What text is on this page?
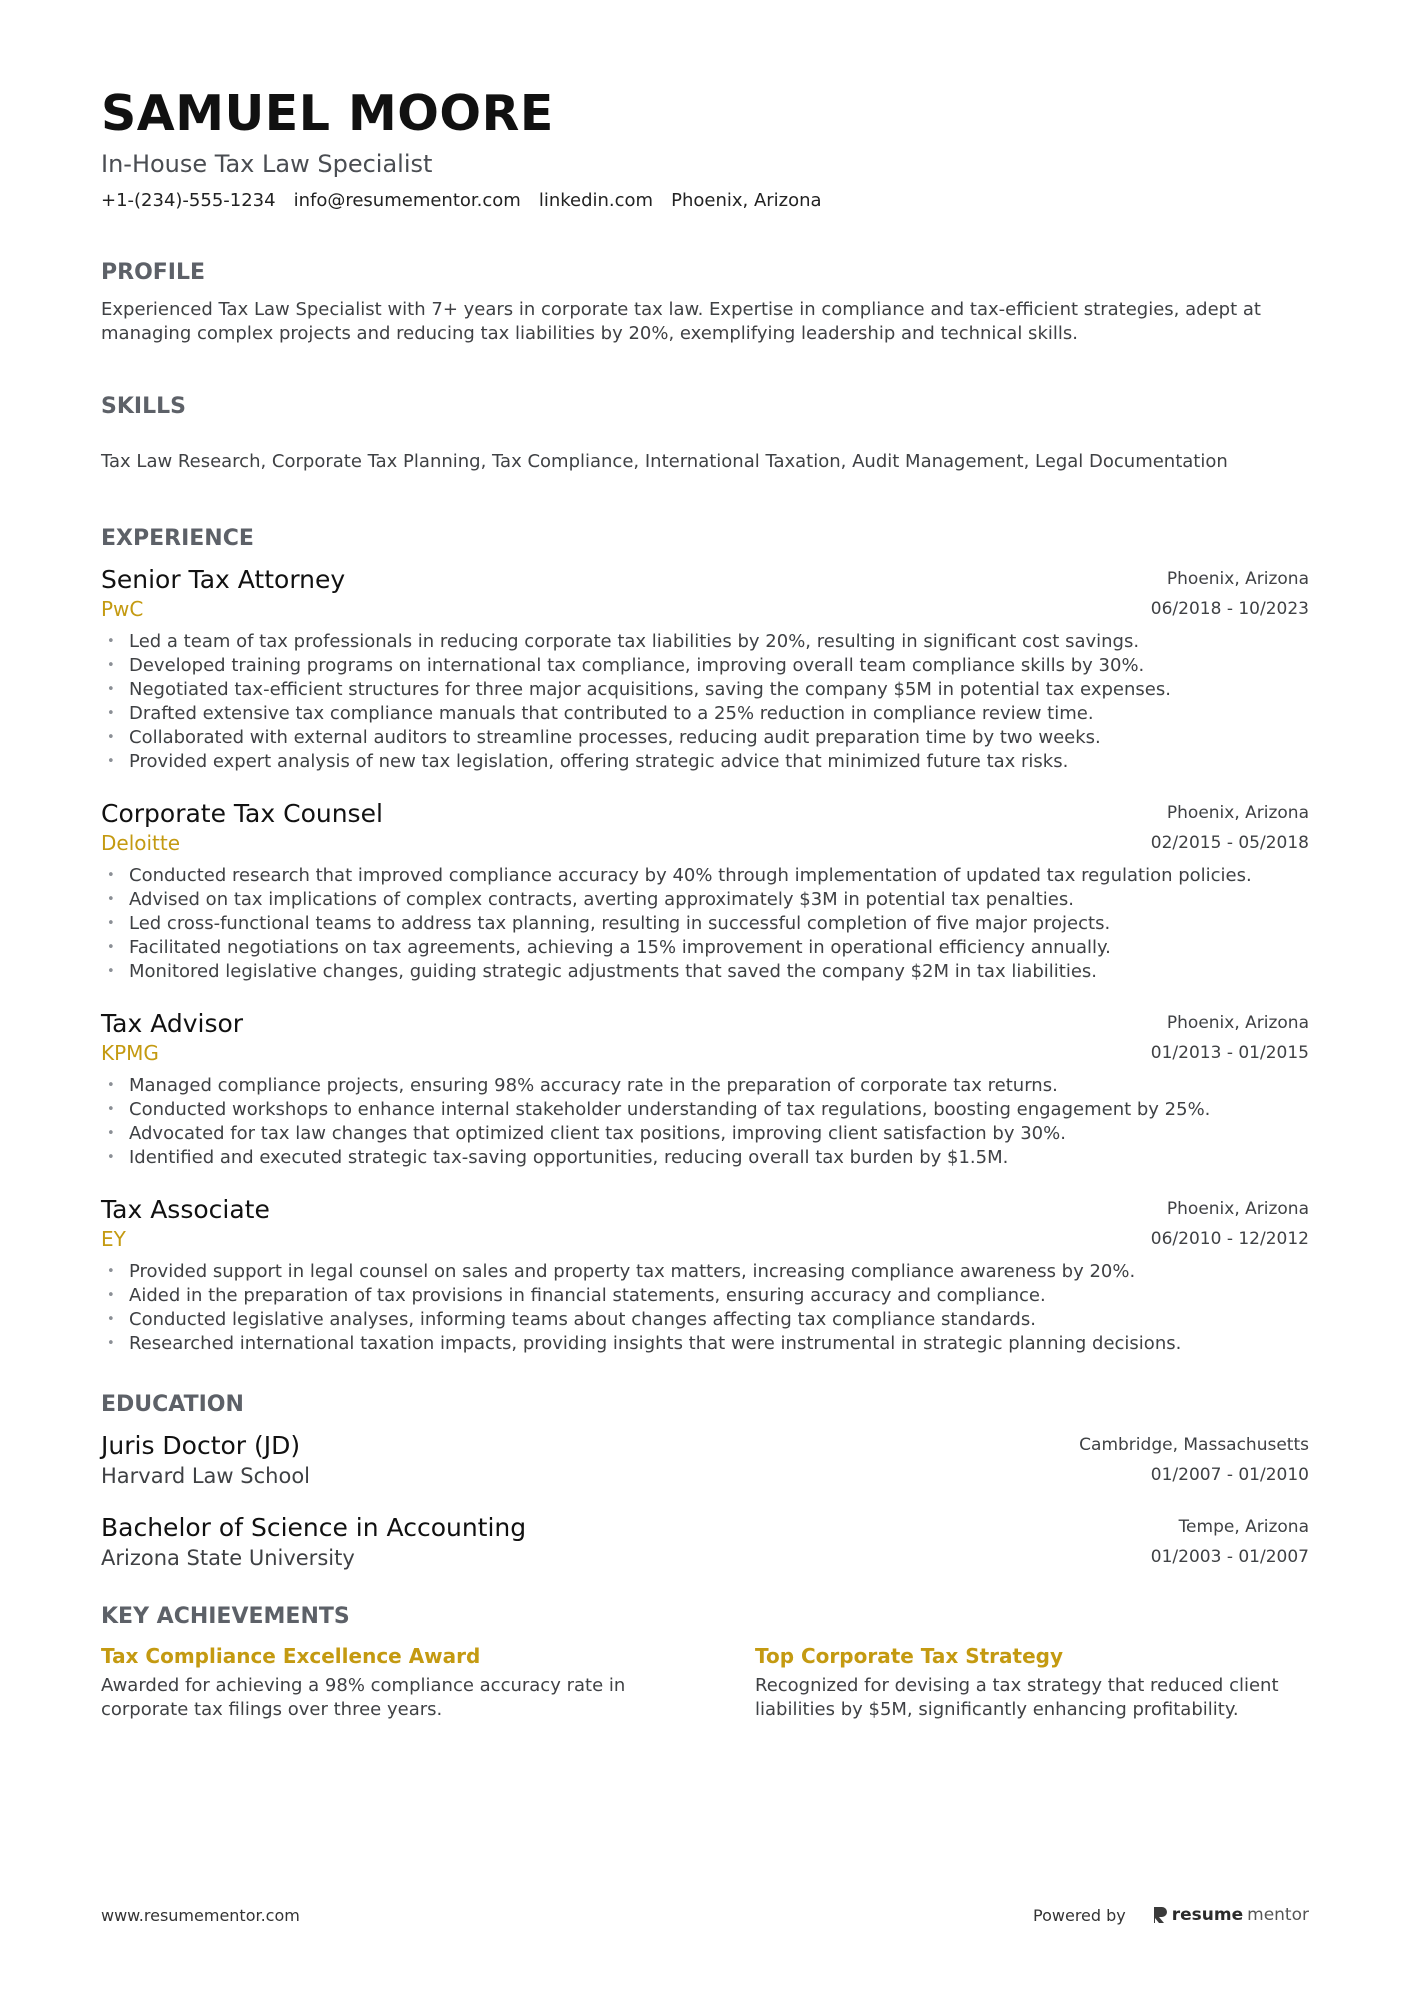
SAMUEL MOORE
In-House Tax Law Specialist
+1-(234)-555-1234 info@resumementor.com linkedin.com Phoenix, Arizona
PROFILE

Experienced Tax Law Specialist with 7+ years in corporate tax law. Expertise in compliance and tax-efficient strategies, adept at managing complex projects and reducing tax liabilities by 20%, exemplifying leadership and technical skills.

SKILLS

Tax Law Research, Corporate Tax Planning, Tax Compliance, International Taxation, Audit Management, Legal Documentation

EXPERIENCE
Senior Tax Attorney
PwC
Phoenix, Arizona
06/2018 - 10/2023
• Led a team of tax professionals in reducing corporate tax liabilities by 20%, resulting in significant cost savings.
• Developed training programs on international tax compliance, improving overall team compliance skills by 30%.
• Negotiated tax-efficient structures for three major acquisitions, saving the company $5M in potential tax expenses.
• Drafted extensive tax compliance manuals that contributed to a 25% reduction in compliance review time.
• Collaborated with external auditors to streamline processes, reducing audit preparation time by two weeks.
• Provided expert analysis of new tax legislation, offering strategic advice that minimized future tax risks.
Corporate Tax Counsel
Deloitte
Phoenix, Arizona
02/2015 - 05/2018
• Conducted research that improved compliance accuracy by 40% through implementation of updated tax regulation policies.
• Advised on tax implications of complex contracts, averting approximately $3M in potential tax penalties.
• Led cross-functional teams to address tax planning, resulting in successful completion of five major projects.
• Facilitated negotiations on tax agreements, achieving a 15% improvement in operational efficiency annually.
• Monitored legislative changes, guiding strategic adjustments that saved the company $2M in tax liabilities.
Tax Advisor
KPMG
Phoenix, Arizona
01/2013 - 01/2015
• Managed compliance projects, ensuring 98% accuracy rate in the preparation of corporate tax returns.
• Conducted workshops to enhance internal stakeholder understanding of tax regulations, boosting engagement by 25%.
• Advocated for tax law changes that optimized client tax positions, improving client satisfaction by 30%.
• Identified and executed strategic tax-saving opportunities, reducing overall tax burden by $1.5M.
Tax Associate
EY
Phoenix, Arizona
06/2010 - 12/2012
• Provided support in legal counsel on sales and property tax matters, increasing compliance awareness by 20%.
• Aided in the preparation of tax provisions in financial statements, ensuring accuracy and compliance.
• Conducted legislative analyses, informing teams about changes affecting tax compliance standards.
• Researched international taxation impacts, providing insights that were instrumental in strategic planning decisions.
EDUCATION
Juris Doctor (JD)
Harvard Law School
Cambridge, Massachusetts
01/2007 - 01/2010
Bachelor of Science in Accounting
Arizona State University
Tempe, Arizona
01/2003 - 01/2007
KEY ACHIEVEMENTS
Tax Compliance Excellence Award

Awarded for achieving a 98% compliance accuracy rate in corporate tax filings over three years.

Top Corporate Tax Strategy

Recognized for devising a tax strategy that reduced client liabilities by $5M, significantly enhancing profitability.

www.resumementor.com	Powered by	resume mentor
